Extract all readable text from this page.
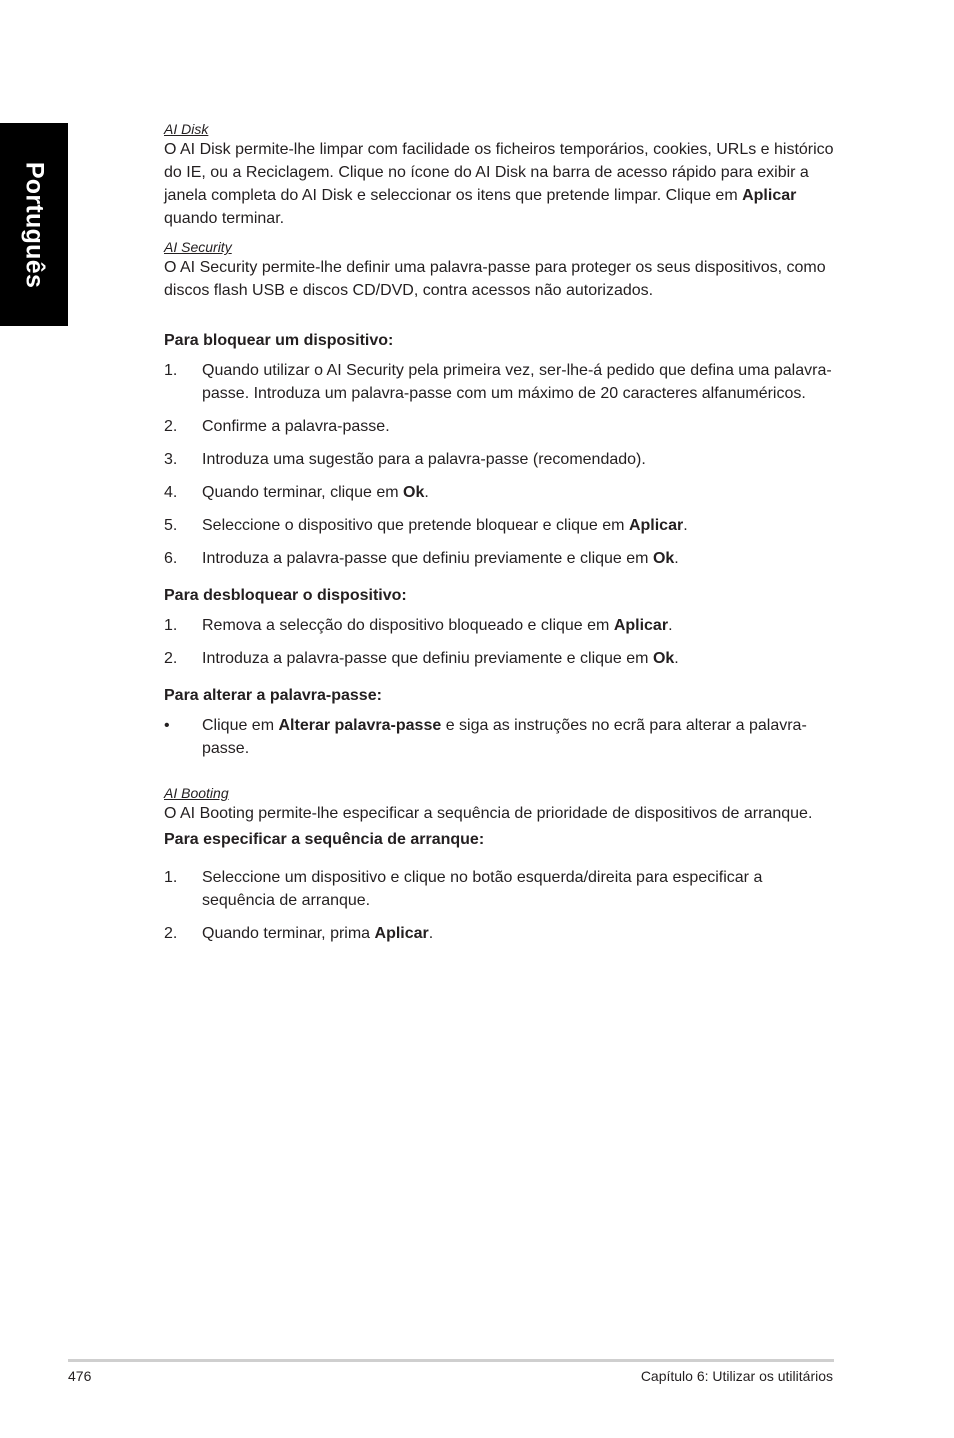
Português

AI Disk

O AI Disk permite-lhe limpar com facilidade os ficheiros temporários, cookies, URLs e histórico do IE, ou a Reciclagem. Clique no ícone do AI Disk na barra de acesso rápido para exibir a janela completa do AI Disk e seleccionar os itens que pretende limpar. Clique em Aplicar quando terminar.

AI Security

O AI Security permite-lhe definir uma palavra-passe para proteger os seus dispositivos, como discos flash USB e discos CD/DVD, contra acessos não autorizados.

Para bloquear um dispositivo:

1.	Quando utilizar o AI Security pela primeira vez, ser-lhe-á pedido que defina uma palavra-passe. Introduza um palavra-passe com um máximo de 20 caracteres alfanuméricos.
2.	Confirme a palavra-passe.
3.	Introduza uma sugestão para a palavra-passe (recomendado).
4.	Quando terminar, clique em Ok.
5.	Seleccione o dispositivo que pretende bloquear e clique em Aplicar.
6.	Introduza a palavra-passe que definiu previamente e clique em Ok.

Para desbloquear o dispositivo:

1.	Remova a selecção do dispositivo bloqueado e clique em Aplicar.
2.	Introduza a palavra-passe que definiu previamente e clique em Ok.

Para alterar a palavra-passe:

•	Clique em Alterar palavra-passe e siga as instruções no ecrã para alterar a palavra-passe.

AI Booting

O AI Booting permite-lhe especificar a sequência de prioridade de dispositivos de arranque.

Para especificar a sequência de arranque:

1.	Seleccione um dispositivo e clique no botão esquerda/direita para especificar a sequência de arranque.
2.	Quando terminar, prima Aplicar.
476	Capítulo 6: Utilizar os utilitários
